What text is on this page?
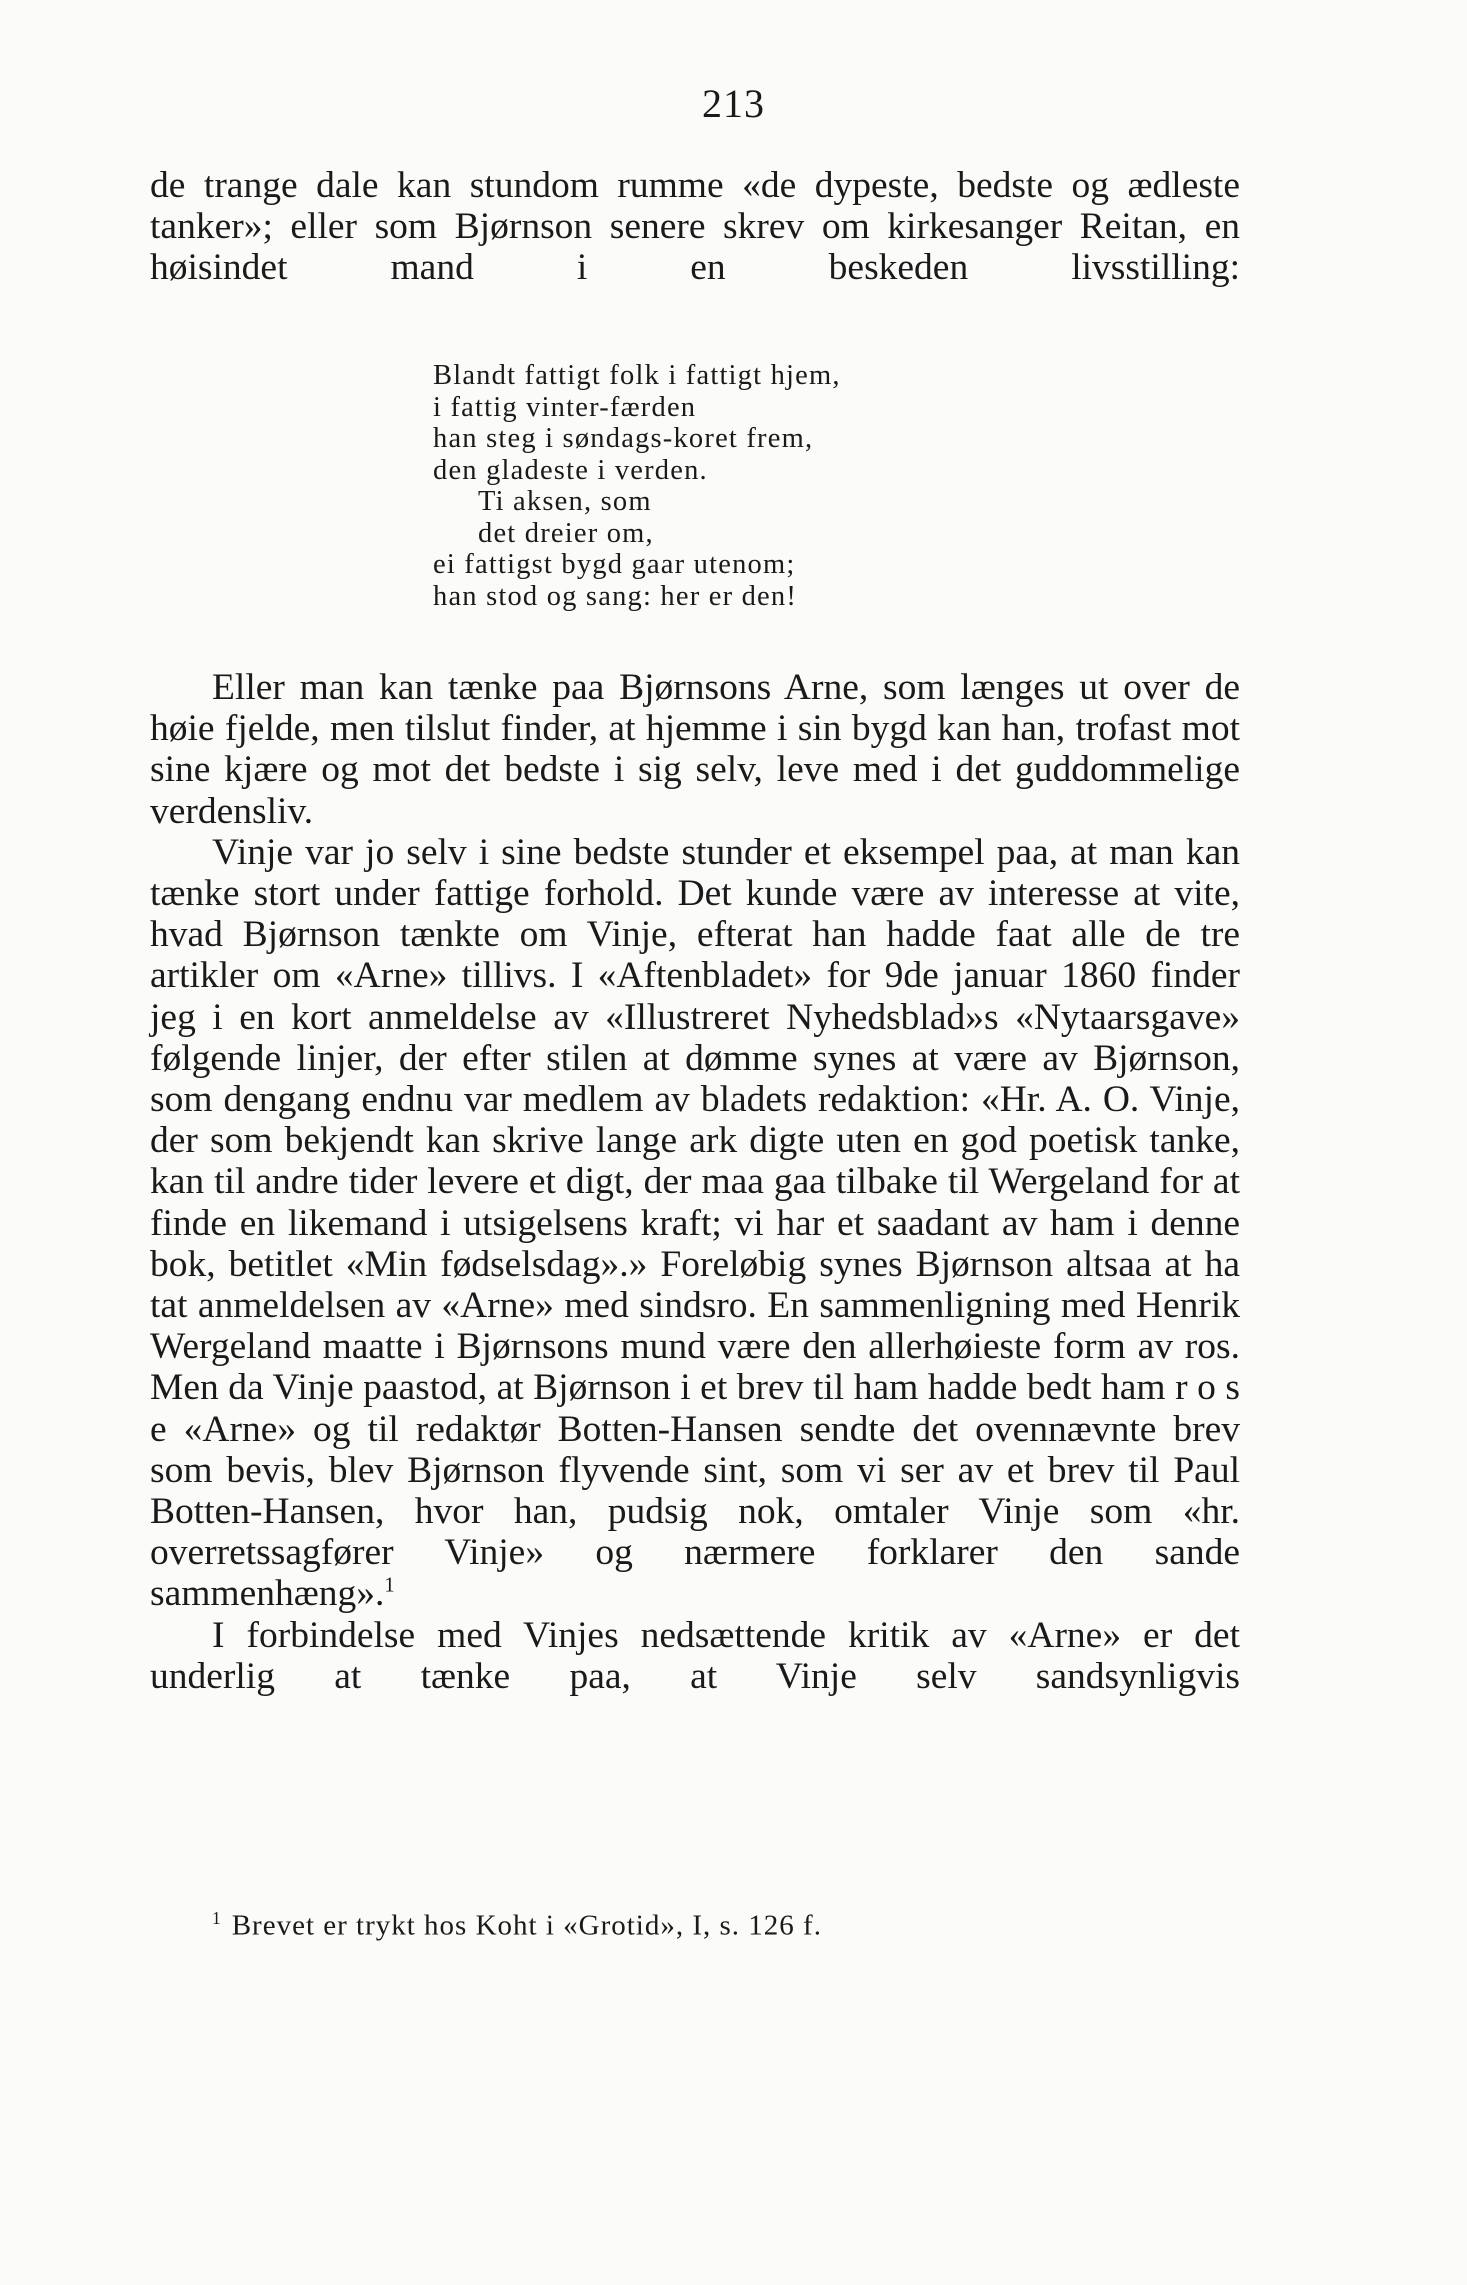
213

de trange dale kan stundom rumme «de dypeste, bedste og ædleste tanker»; eller som Bjørnson senere skrev om kirkesanger Reitan, en høisindet mand i en beskeden livsstilling:

Blandt fattigt folk i fattigt hjem,
i fattig vinter-færden
han steg i søndags-koret frem,
den gladeste i verden.
Ti aksen, som
det dreier om,
ei fattigst bygd gaar utenom;
han stod og sang: her er den!

Eller man kan tænke paa Bjørnsons Arne, som længes ut over de høie fjelde, men tilslut finder, at hjemme i sin bygd kan han, trofast mot sine kjære og mot det bedste i sig selv, leve med i det guddommelige verdensliv.

Vinje var jo selv i sine bedste stunder et eksempel paa, at man kan tænke stort under fattige forhold. Det kunde være av interesse at vite, hvad Bjørnson tænkte om Vinje, efterat han hadde faat alle de tre artikler om «Arne» tillivs. I «Aftenbladet» for 9de januar 1860 finder jeg i en kort anmeldelse av «Illustreret Nyhedsblad»s «Nytaarsgave» følgende linjer, der efter stilen at dømme synes at være av Bjørnson, som dengang endnu var medlem av bladets redaktion: «Hr. A. O. Vinje, der som bekjendt kan skrive lange ark digte uten en god poetisk tanke, kan til andre tider levere et digt, der maa gaa tilbake til Wergeland for at finde en likemand i utsigelsens kraft; vi har et saadant av ham i denne bok, betitlet «Min fødselsdag».» Foreløbig synes Bjørnson altsaa at ha tat anmeldelsen av «Arne» med sindsro. En sammenligning med Henrik Wergeland maatte i Bjørnsons mund være den allerhøieste form av ros. Men da Vinje paastod, at Bjørnson i et brev til ham hadde bedt ham r o s e «Arne» og til redaktør Botten-Hansen sendte det ovennævnte brev som bevis, blev Bjørnson flyvende sint, som vi ser av et brev til Paul Botten-Hansen, hvor han, pudsig nok, omtaler Vinje som «hr. overretssagfører Vinje» og nærmere forklarer den sande sammenhæng».$^1$

I forbindelse med Vinjes nedsættende kritik av «Arne» er det underlig at tænke paa, at Vinje selv sandsynligvis

$^1$ Brevet er trykt hos Koht i «Grotid», I, s. 126 f.
